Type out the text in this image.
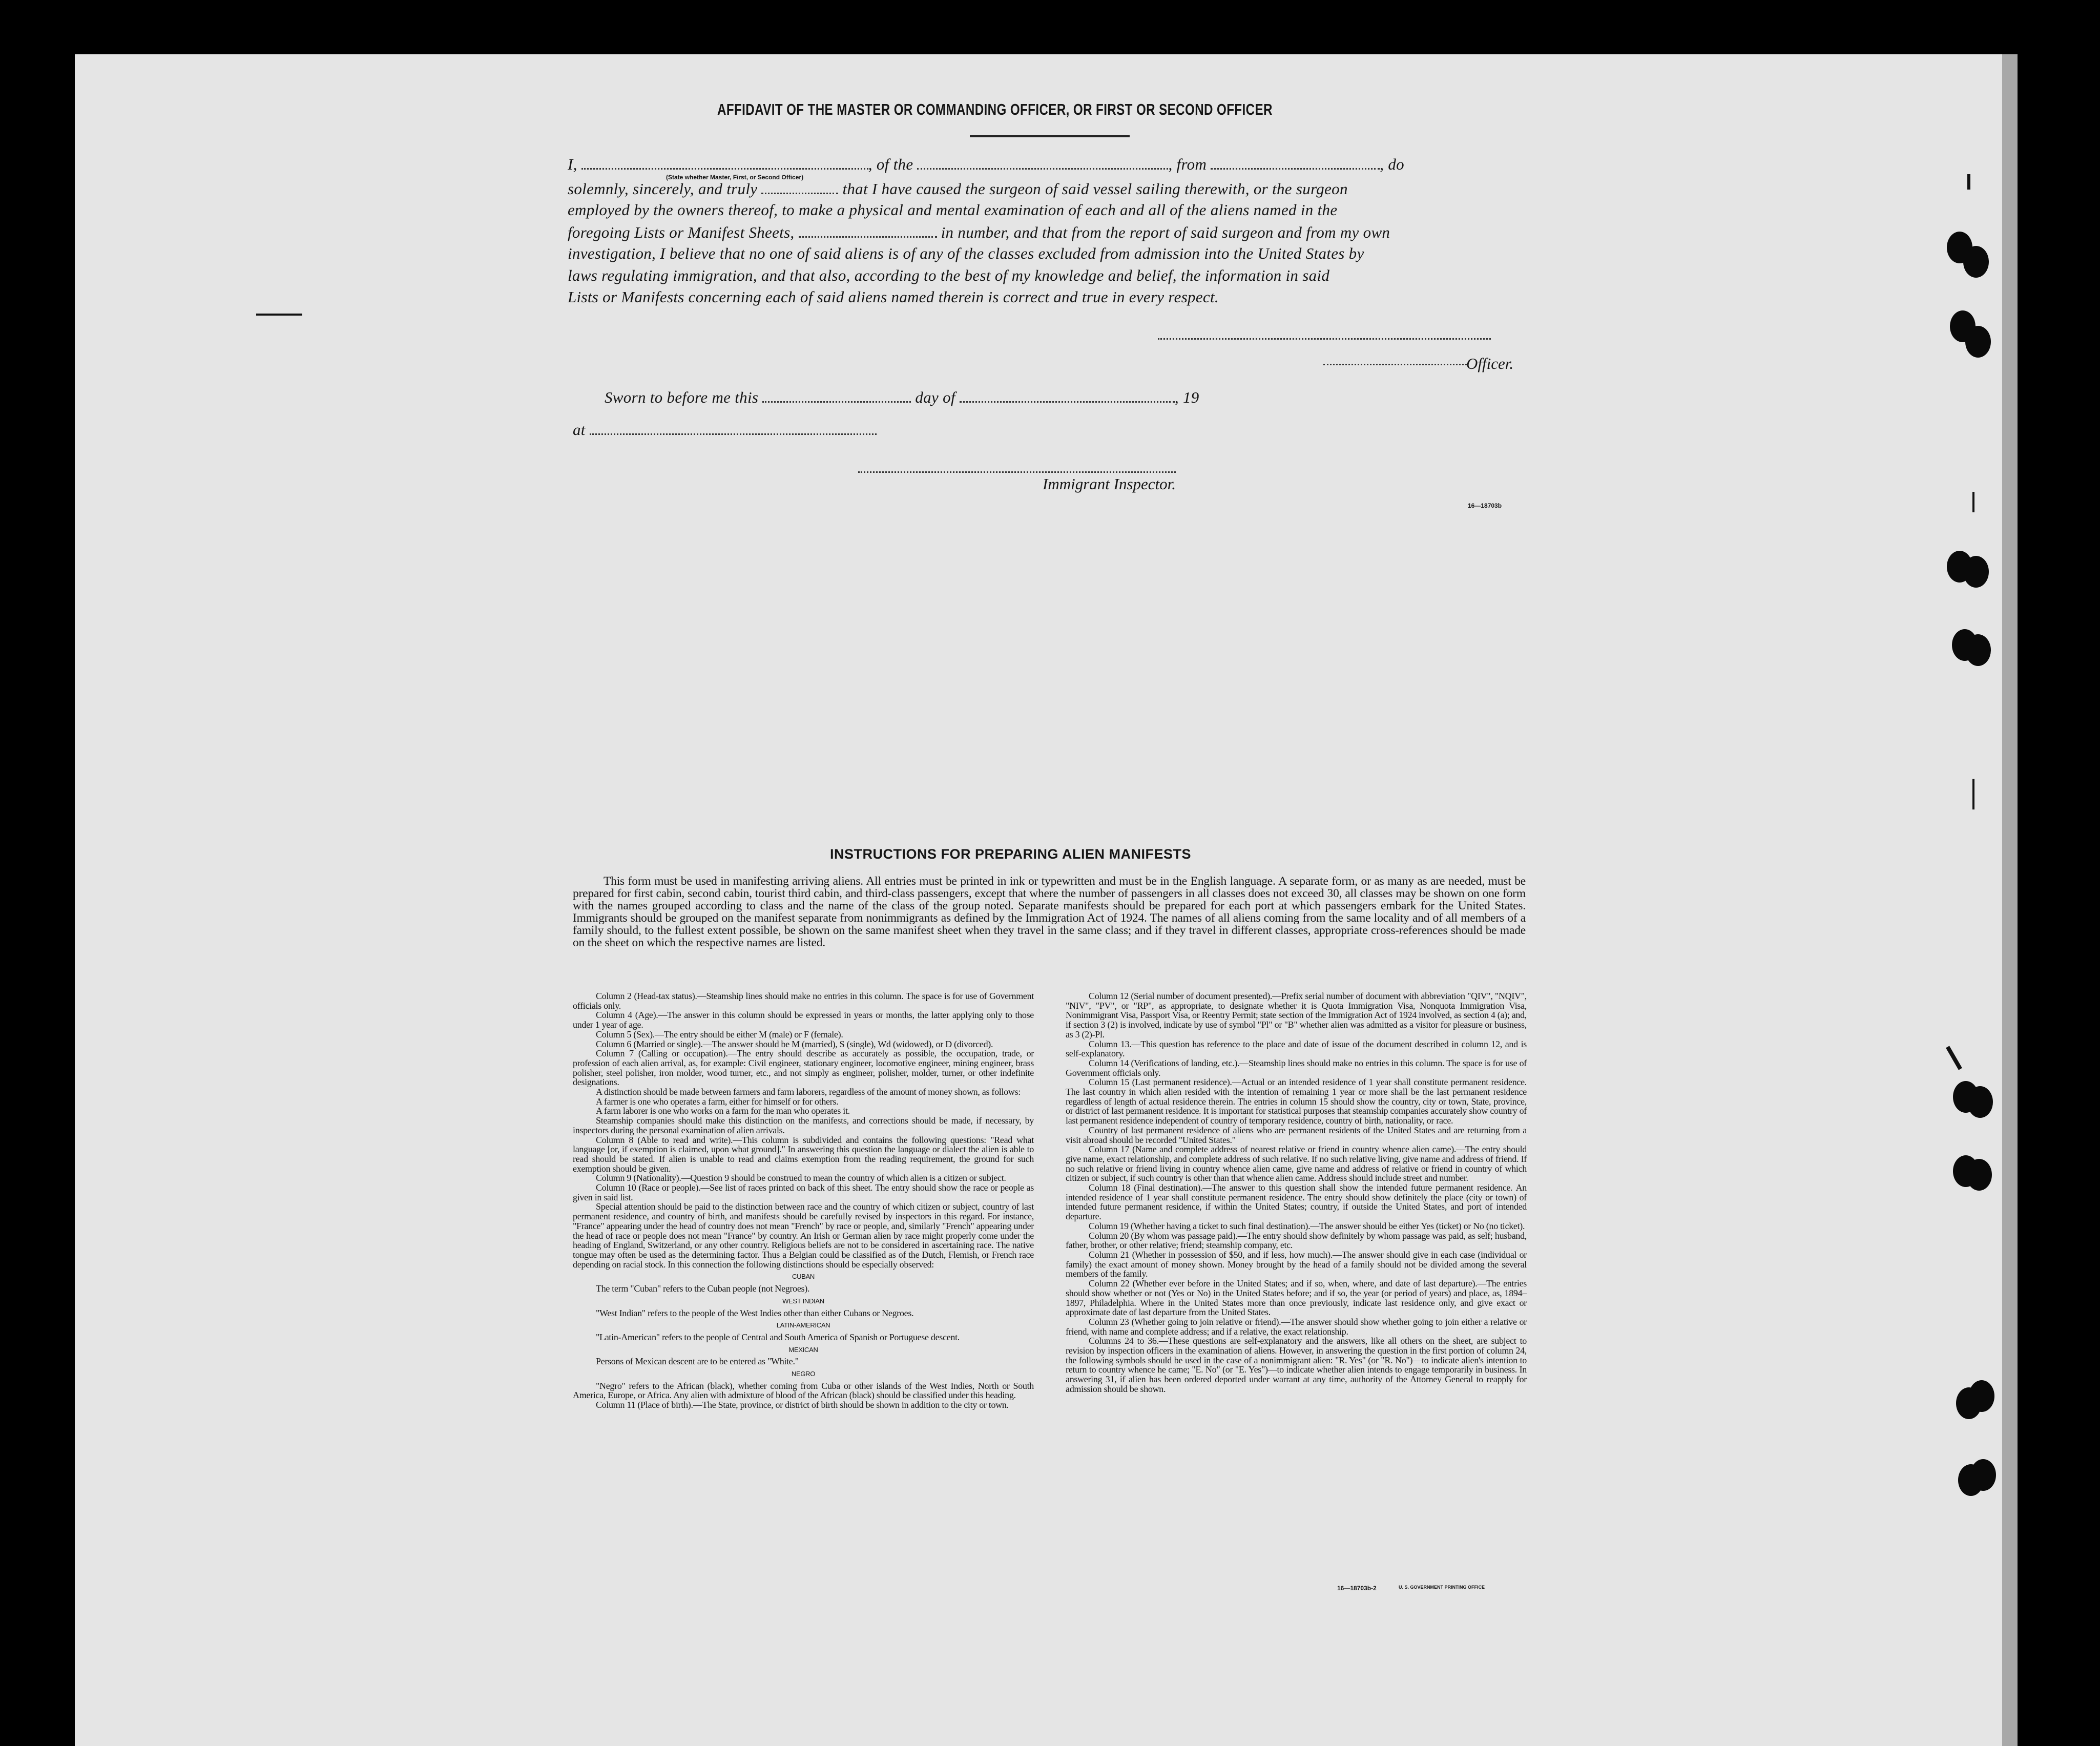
AFFIDAVIT OF THE MASTER OR COMMANDING OFFICER, OR FIRST OR SECOND OFFICER
I,	, of the	, from	, do
(State whether Master, First, or Second Officer)
solemnly, sincerely, and truly	that I have caused the surgeon of said vessel sailing therewith, or the surgeon
employed by the owners thereof, to make a physical and mental examination of each and all of the aliens named in the
foregoing Lists or Manifest Sheets,	in number, and that from the report of said surgeon and from my own
investigation, I believe that no one of said aliens is of any of the classes excluded from admission into the United States by
laws regulating immigration, and that also, according to the best of my knowledge and belief, the information in said
Lists or Manifests concerning each of said aliens named therein is correct and true in every respect.
Officer.
Sworn to before me this	day of	, 19
at
Immigrant Inspector.
16—18703b
INSTRUCTIONS FOR PREPARING ALIEN MANIFESTS
This form must be used in manifesting arriving aliens. All entries must be printed in ink or typewritten and must be in the English language. A separate form, or as many as are needed, must be prepared for first cabin, second cabin, tourist third cabin, and third-class passengers, except that where the number of passengers in all classes does not exceed 30, all classes may be shown on one form with the names grouped according to class and the name of the class of the group noted. Separate manifests should be prepared for each port at which passengers embark for the United States. Immigrants should be grouped on the manifest separate from nonimmigrants as defined by the Immigration Act of 1924. The names of all aliens coming from the same locality and of all members of a family should, to the fullest extent possible, be shown on the same manifest sheet when they travel in the same class; and if they travel in different classes, appropriate cross-references should be made on the sheet on which the respective names are listed.

Column 2 (Head-tax status).—Steamship lines should make no entries in this column. The space is for use of Government officials only.

Column 4 (Age).—The answer in this column should be expressed in years or months, the latter applying only to those under 1 year of age.

Column 5 (Sex).—The entry should be either M (male) or F (female).

Column 6 (Married or single).—The answer should be M (married), S (single), Wd (widowed), or D (divorced).

Column 7 (Calling or occupation).—The entry should describe as accurately as possible, the occupation, trade, or profession of each alien arrival, as, for example: Civil engineer, stationary engineer, locomotive engineer, mining engineer, brass polisher, steel polisher, iron molder, wood turner, etc., and not simply as engineer, polisher, molder, turner, or other indefinite designations.

A distinction should be made between farmers and farm laborers, regardless of the amount of money shown, as follows:

A farmer is one who operates a farm, either for himself or for others.

A farm laborer is one who works on a farm for the man who operates it.

Steamship companies should make this distinction on the manifests, and corrections should be made, if necessary, by inspectors during the personal examination of alien arrivals.

Column 8 (Able to read and write).—This column is subdivided and contains the following questions: "Read what language [or, if exemption is claimed, upon what ground]." In answering this question the language or dialect the alien is able to read should be stated. If alien is unable to read and claims exemption from the reading requirement, the ground for such exemption should be given.

Column 9 (Nationality).—Question 9 should be construed to mean the country of which alien is a citizen or subject.

Column 10 (Race or people).—See list of races printed on back of this sheet. The entry should show the race or people as given in said list.

Special attention should be paid to the distinction between race and the country of which citizen or subject, country of last permanent residence, and country of birth, and manifests should be carefully revised by inspectors in this regard. For instance, "France" appearing under the head of country does not mean "French" by race or people, and, similarly "French" appearing under the head of race or people does not mean "France" by country. An Irish or German alien by race might properly come under the heading of England, Switzerland, or any other country. Religious beliefs are not to be considered in ascertaining race. The native tongue may often be used as the determining factor. Thus a Belgian could be classified as of the Dutch, Flemish, or French race depending on racial stock. In this connection the following distinctions should be especially observed:

CUBAN

The term "Cuban" refers to the Cuban people (not Negroes).

WEST INDIAN

"West Indian" refers to the people of the West Indies other than either Cubans or Negroes.

LATIN-AMERICAN

"Latin-American" refers to the people of Central and South America of Spanish or Portuguese descent.

MEXICAN

Persons of Mexican descent are to be entered as "White."

NEGRO

"Negro" refers to the African (black), whether coming from Cuba or other islands of the West Indies, North or South America, Europe, or Africa. Any alien with admixture of blood of the African (black) should be classified under this heading.

Column 11 (Place of birth).—The State, province, or district of birth should be shown in addition to the city or town.

Column 12 (Serial number of document presented).—Prefix serial number of document with abbreviation "QIV", "NQIV", "NIV", "PV", or "RP", as appropriate, to designate whether it is Quota Immigration Visa, Nonquota Immigration Visa, Nonimmigrant Visa, Passport Visa, or Reentry Permit; state section of the Immigration Act of 1924 involved, as section 4 (a); and, if section 3 (2) is involved, indicate by use of symbol "Pl" or "B" whether alien was admitted as a visitor for pleasure or business, as 3 (2)-Pl.

Column 13.—This question has reference to the place and date of issue of the document described in column 12, and is self-explanatory.

Column 14 (Verifications of landing, etc.).—Steamship lines should make no entries in this column. The space is for use of Government officials only.

Column 15 (Last permanent residence).—Actual or an intended residence of 1 year shall constitute permanent residence. The last country in which alien resided with the intention of remaining 1 year or more shall be the last permanent residence regardless of length of actual residence therein. The entries in column 15 should show the country, city or town, State, province, or district of last permanent residence. It is important for statistical purposes that steamship companies accurately show country of last permanent residence independent of country of temporary residence, country of birth, nationality, or race.

Country of last permanent residence of aliens who are permanent residents of the United States and are returning from a visit abroad should be recorded "United States."

Column 17 (Name and complete address of nearest relative or friend in country whence alien came).—The entry should give name, exact relationship, and complete address of such relative. If no such relative living, give name and address of friend. If no such relative or friend living in country whence alien came, give name and address of relative or friend in country of which citizen or subject, if such country is other than that whence alien came. Address should include street and number.

Column 18 (Final destination).—The answer to this question shall show the intended future permanent residence. An intended residence of 1 year shall constitute permanent residence. The entry should show definitely the place (city or town) of intended future permanent residence, if within the United States; country, if outside the United States, and port of intended departure.

Column 19 (Whether having a ticket to such final destination).—The answer should be either Yes (ticket) or No (no ticket).

Column 20 (By whom was passage paid).—The entry should show definitely by whom passage was paid, as self; husband, father, brother, or other relative; friend; steamship company, etc.

Column 21 (Whether in possession of $50, and if less, how much).—The answer should give in each case (individual or family) the exact amount of money shown. Money brought by the head of a family should not be divided among the several members of the family.

Column 22 (Whether ever before in the United States; and if so, when, where, and date of last departure).—The entries should show whether or not (Yes or No) in the United States before; and if so, the year (or period of years) and place, as, 1894–1897, Philadelphia. Where in the United States more than once previously, indicate last residence only, and give exact or approximate date of last departure from the United States.

Column 23 (Whether going to join relative or friend).—The answer should show whether going to join either a relative or friend, with name and complete address; and if a relative, the exact relationship.

Columns 24 to 36.—These questions are self-explanatory and the answers, like all others on the sheet, are subject to revision by inspection officers in the examination of aliens. However, in answering the question in the first portion of column 24, the following symbols should be used in the case of a nonimmigrant alien: "R. Yes" (or "R. No")—to indicate alien's intention to return to country whence he came; "E. No" (or "E. Yes")—to indicate whether alien intends to engage temporarily in business. In answering 31, if alien has been ordered deported under warrant at any time, authority of the Attorney General to reapply for admission should be shown.

16—18703b-2	U. S. GOVERNMENT PRINTING OFFICE
